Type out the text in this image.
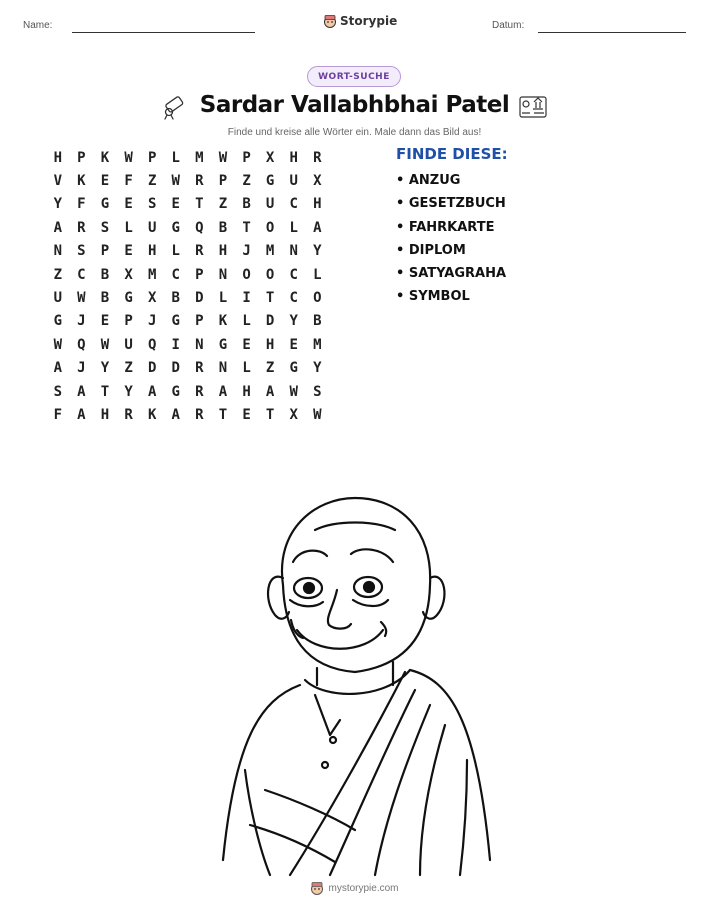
Name:	Storypie	Datum:
WORT-SUCHE
Sardar Vallabhbhai Patel
Finde und kreise alle Wörter ein. Male dann das Bild aus!
H	P	K	W	P	L	M	W	P	X	H	R
V	K	E	F	Z	W	R	P	Z	G	U	X
Y	F	G	E	S	E	T	Z	B	U	C	H
A	R	S	L	U	G	Q	B	T	O	L	A
N	S	P	E	H	L	R	H	J	M	N	Y
Z	C	B	X	M	C	P	N	O	O	C	L
U	W	B	G	X	B	D	L	I	T	C	O
G	J	E	P	J	G	P	K	L	D	Y	B
W	Q	W	U	Q	I	N	G	E	H	E	M
A	J	Y	Z	D	D	R	N	L	Z	G	Y
S	A	T	Y	A	G	R	A	H	A	W	S
F	A	H	R	K	A	R	T	E	T	X	W
FINDE DIESE:
• ANZUG
• GESETZBUCH
• FAHRKARTE
• DIPLOM
• SATYAGRAHA
• SYMBOL
mystorypie.com
